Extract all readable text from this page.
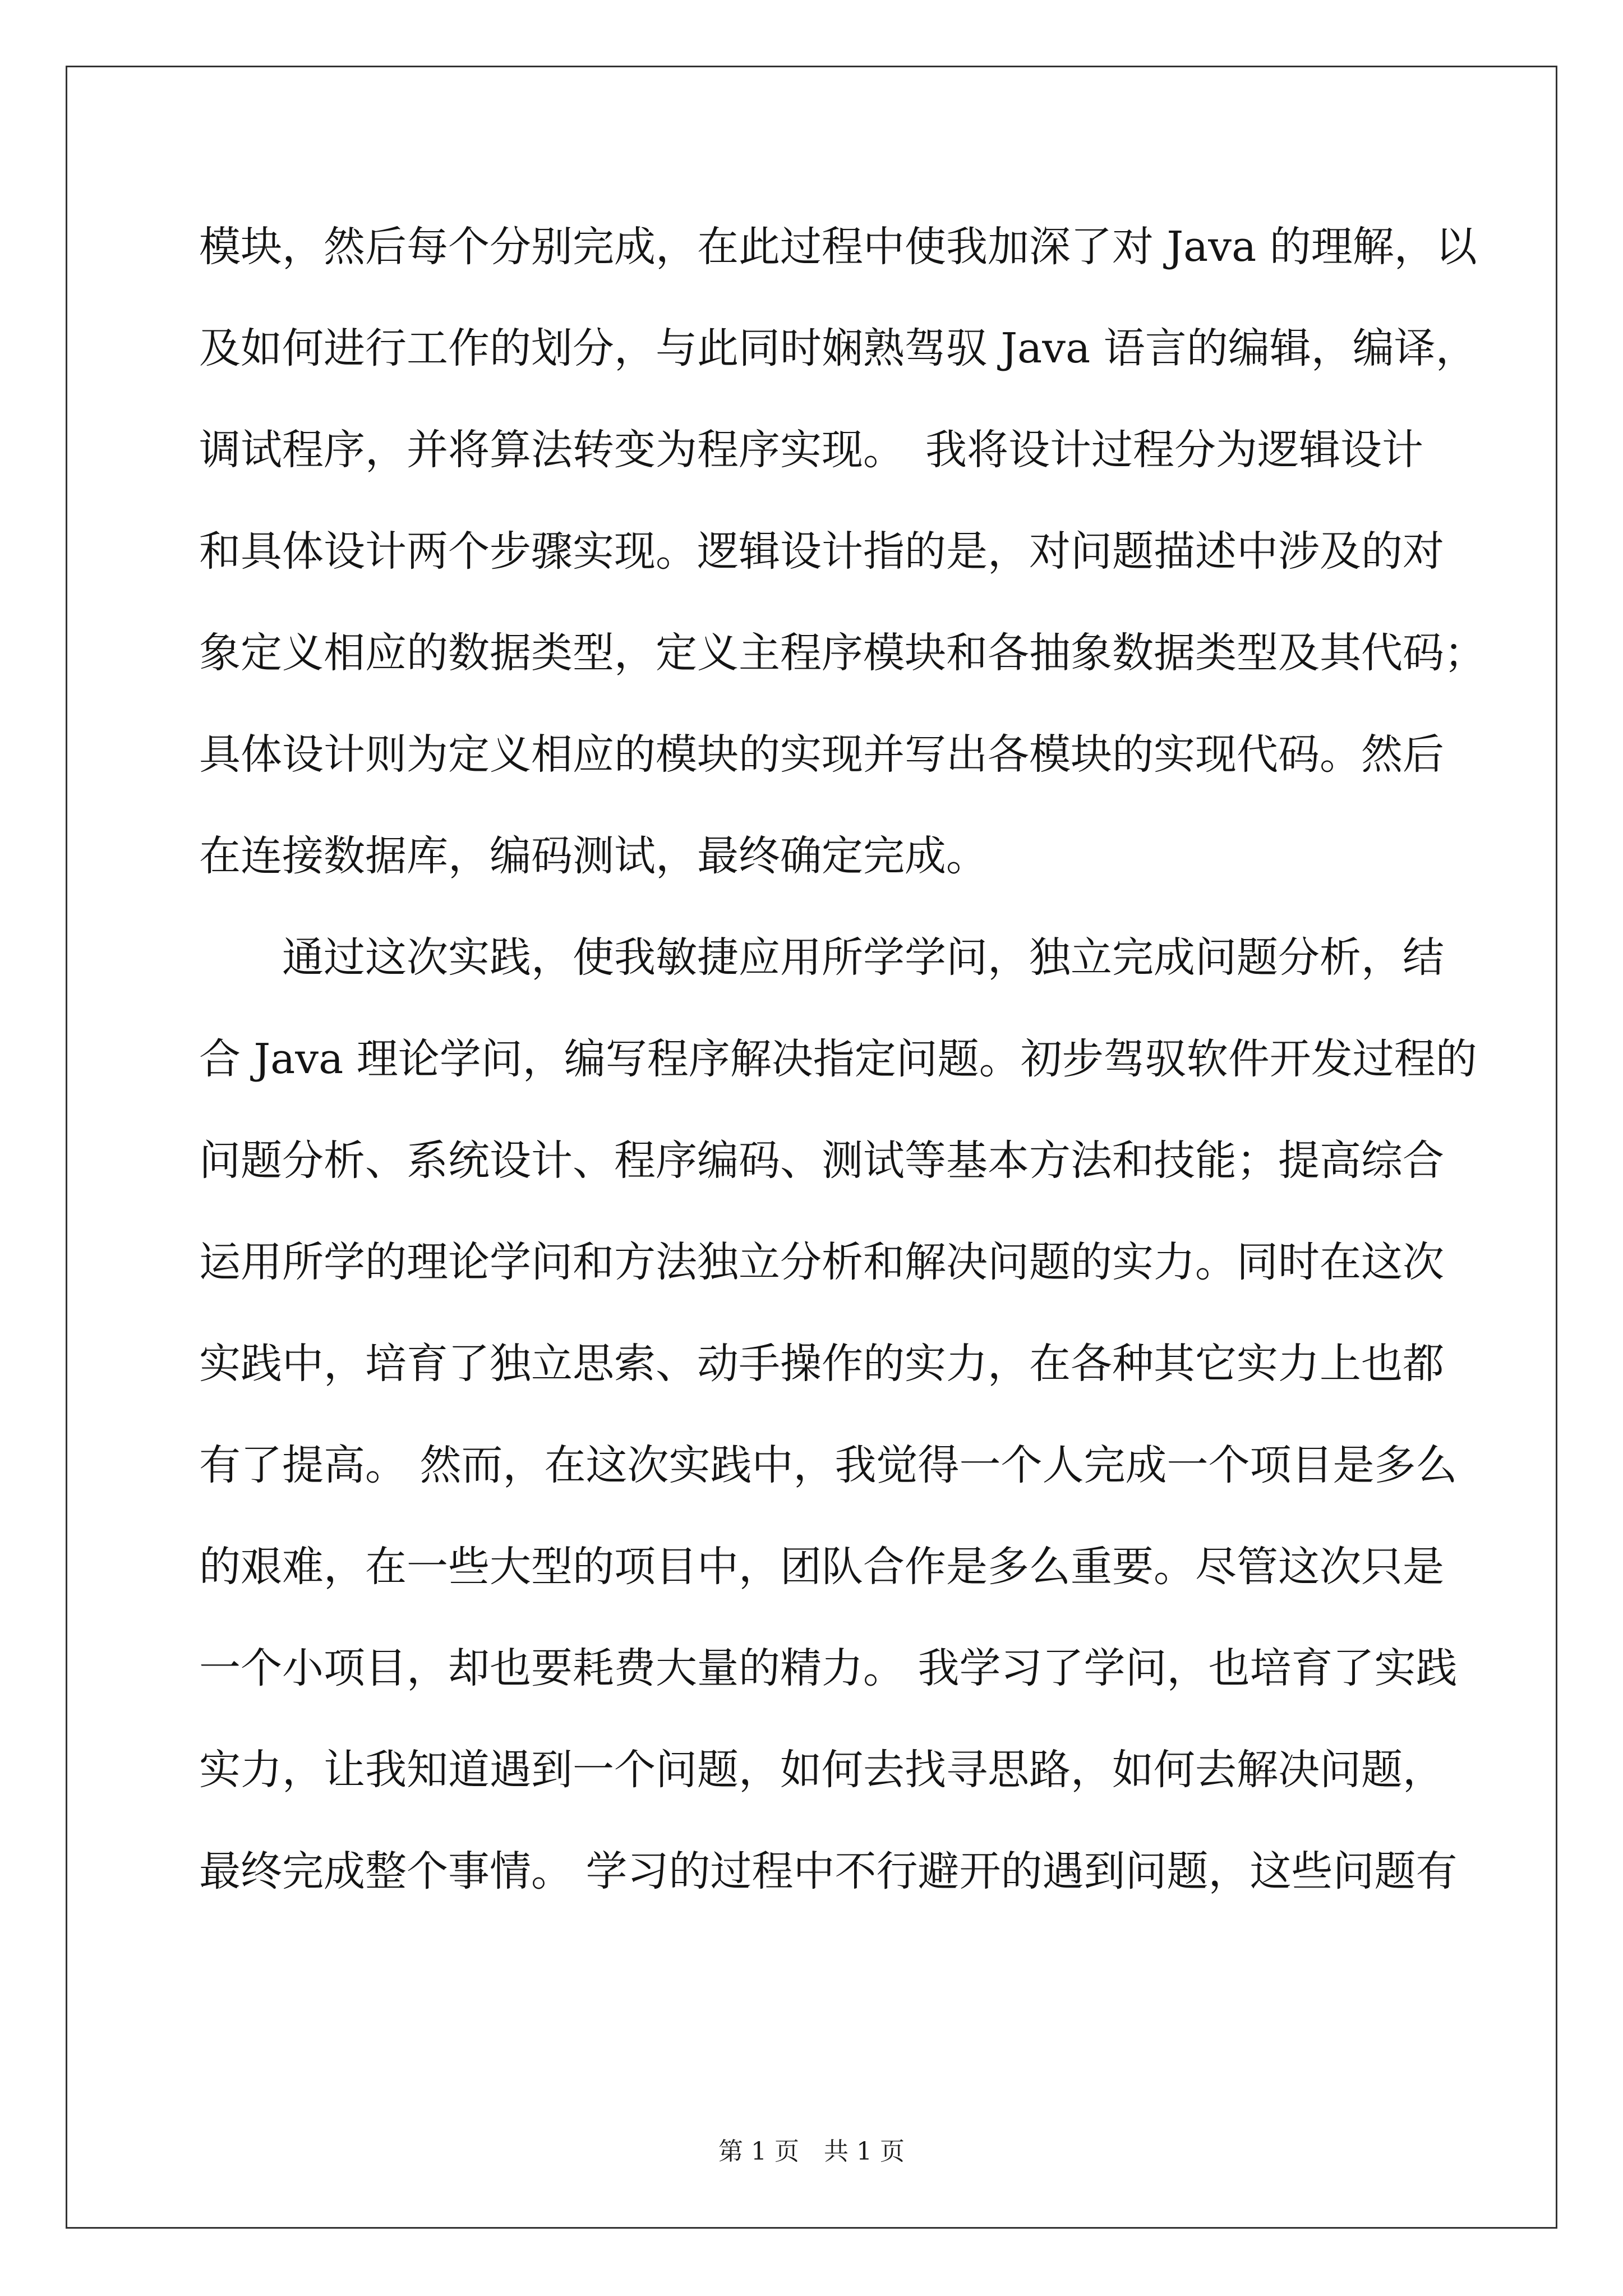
模块，然后每个分别完成，在此过程中使我加深了对 Java 的理解，以
及如何进行工作的划分，与此同时娴熟驾驭 Java 语言的编辑，编译，
调试程序，并将算法转变为程序实现。　我将设计过程分为逻辑设计
和具体设计两个步骤实现。逻辑设计指的是，对问题描述中涉及的对
象定义相应的数据类型，定义主程序模块和各抽象数据类型及其代码；
具体设计则为定义相应的模块的实现并写出各模块的实现代码。然后
在连接数据库，编码测试，最终确定完成。
通过这次实践，使我敏捷应用所学学问，独立完成问题分析，结
合 Java 理论学问，编写程序解决指定问题。初步驾驭软件开发过程的
问题分析、系统设计、程序编码、测试等基本方法和技能；提高综合
运用所学的理论学问和方法独立分析和解决问题的实力。同时在这次
实践中，培育了独立思索、动手操作的实力，在各种其它实力上也都
有了提高。 然而，在这次实践中，我觉得一个人完成一个项目是多么
的艰难，在一些大型的项目中，团队合作是多么重要。尽管这次只是
一个小项目，却也要耗费大量的精力。 我学习了学问，也培育了实践
实力，让我知道遇到一个问题，如何去找寻思路，如何去解决问题，
最终完成整个事情。 学习的过程中不行避开的遇到问题，这些问题有
第 1 页　共 1 页
